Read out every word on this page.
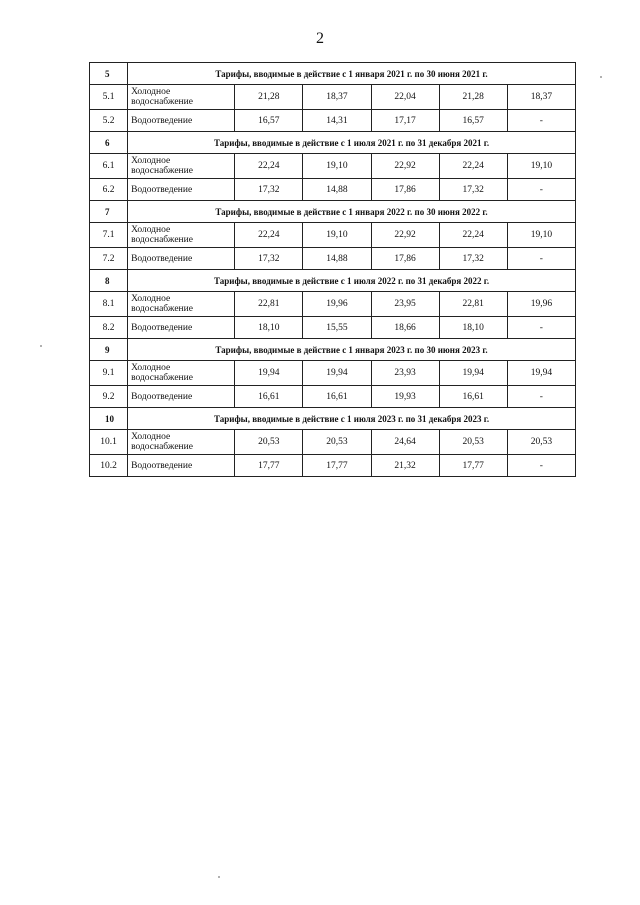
2
5	Тарифы, вводимые в действие с 1 января 2021 г. по 30 июня 2021 г.					
5.1	Холодное водоснабжение	21,28	18,37	22,04	21,28	18,37
5.2	Водоотведение	16,57	14,31	17,17	16,57	-
6	Тарифы, вводимые в действие с 1 июля 2021 г. по 31 декабря 2021 г.					
6.1	Холодное водоснабжение	22,24	19,10	22,92	22,24	19,10
6.2	Водоотведение	17,32	14,88	17,86	17,32	-
7	Тарифы, вводимые в действие с 1 января 2022 г. по 30 июня 2022 г.					
7.1	Холодное водоснабжение	22,24	19,10	22,92	22,24	19,10
7.2	Водоотведение	17,32	14,88	17,86	17,32	-
8	Тарифы, вводимые в действие с 1 июля 2022 г. по 31 декабря 2022 г.					
8.1	Холодное водоснабжение	22,81	19,96	23,95	22,81	19,96
8.2	Водоотведение	18,10	15,55	18,66	18,10	-
9	Тарифы, вводимые в действие с 1 января 2023 г. по 30 июня 2023 г.					
9.1	Холодное водоснабжение	19,94	19,94	23,93	19,94	19,94
9.2	Водоотведение	16,61	16,61	19,93	16,61	-
10	Тарифы, вводимые в действие с 1 июля 2023 г. по 31 декабря 2023 г.					
10.1	Холодное водоснабжение	20,53	20,53	24,64	20,53	20,53
10.2	Водоотведение	17,77	17,77	21,32	17,77	-
